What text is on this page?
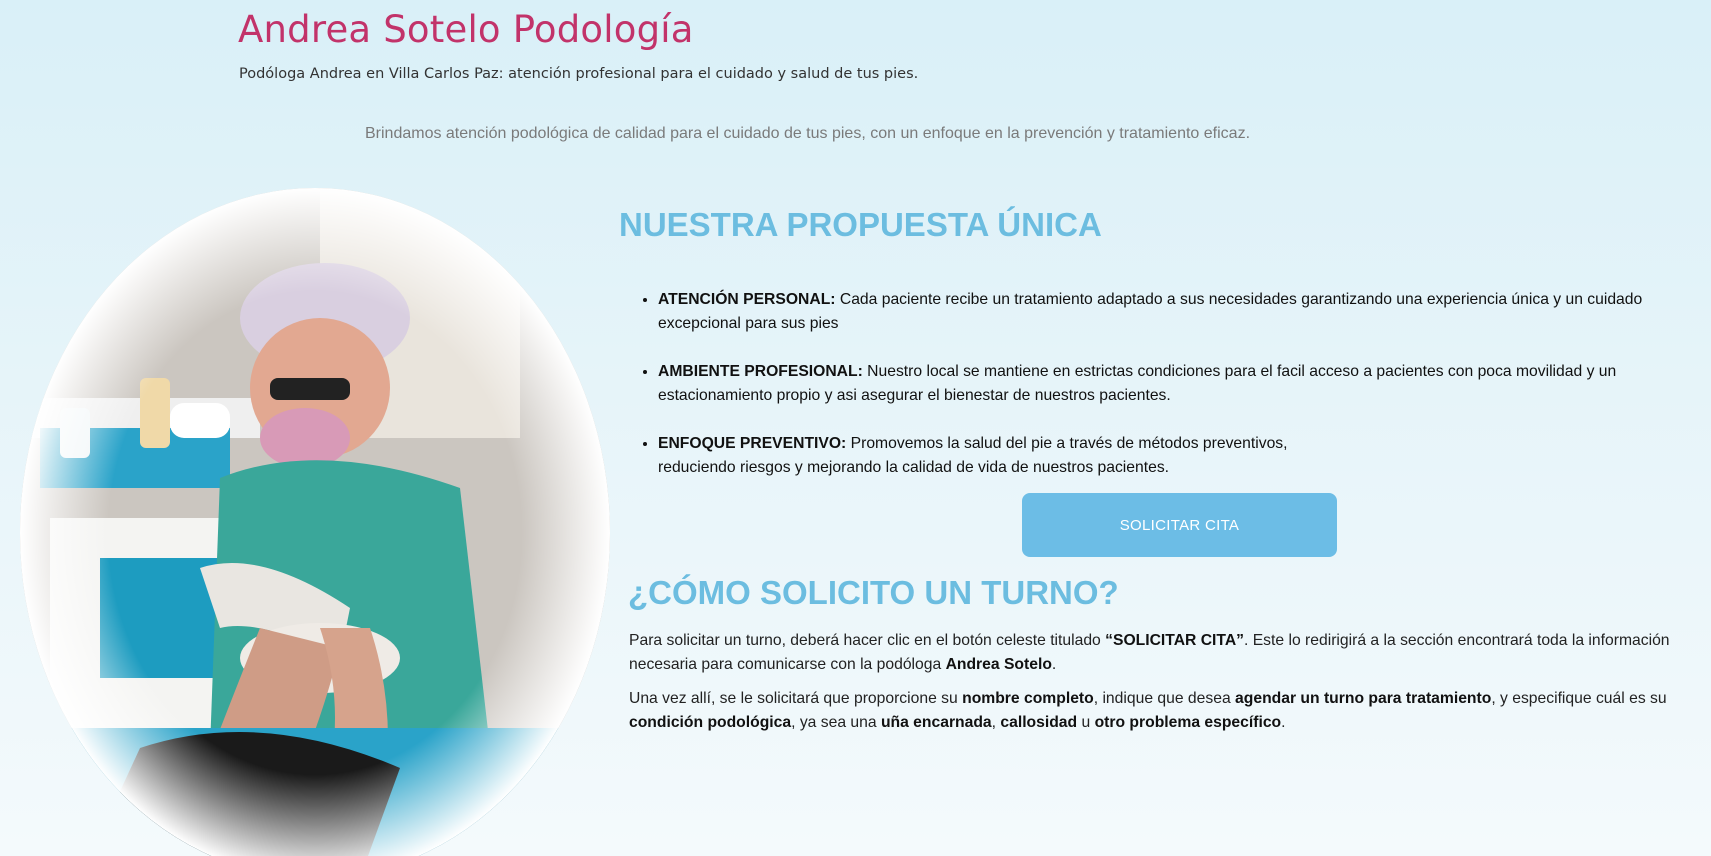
Andrea Sotelo Podología

Podóloga Andrea en Villa Carlos Paz: atención profesional para el cuidado y salud de tus pies.

Brindamos atención podológica de calidad para el cuidado de tus pies, con un enfoque en la prevención y tratamiento eficaz.

NUESTRA PROPUESTA ÚNICA
• ATENCIÓN PERSONAL: Cada paciente recibe un tratamiento adaptado a sus necesidades garantizando una experiencia única y un cuidado excepcional para sus pies
• AMBIENTE PROFESIONAL: Nuestro local se mantiene en estrictas condiciones para el facil acceso a pacientes con poca movilidad y un estacionamiento propio y asi asegurar el bienestar de nuestros pacientes.
• ENFOQUE PREVENTIVO: Promovemos la salud del pie a través de métodos preventivos,
reduciendo riesgos y mejorando la calidad de vida de nuestros pacientes.
SOLICITAR CITA
¿CÓMO SOLICITO UN TURNO?

Para solicitar un turno, deberá hacer clic en el botón celeste titulado “SOLICITAR CITA”. Este lo redirigirá a la sección encontrará toda la información necesaria para comunicarse con la podóloga Andrea Sotelo.

Una vez allí, se le solicitará que proporcione su nombre completo, indique que desea agendar un turno para tratamiento, y especifique cuál es su condición podológica, ya sea una uña encarnada, callosidad u otro problema específico.
